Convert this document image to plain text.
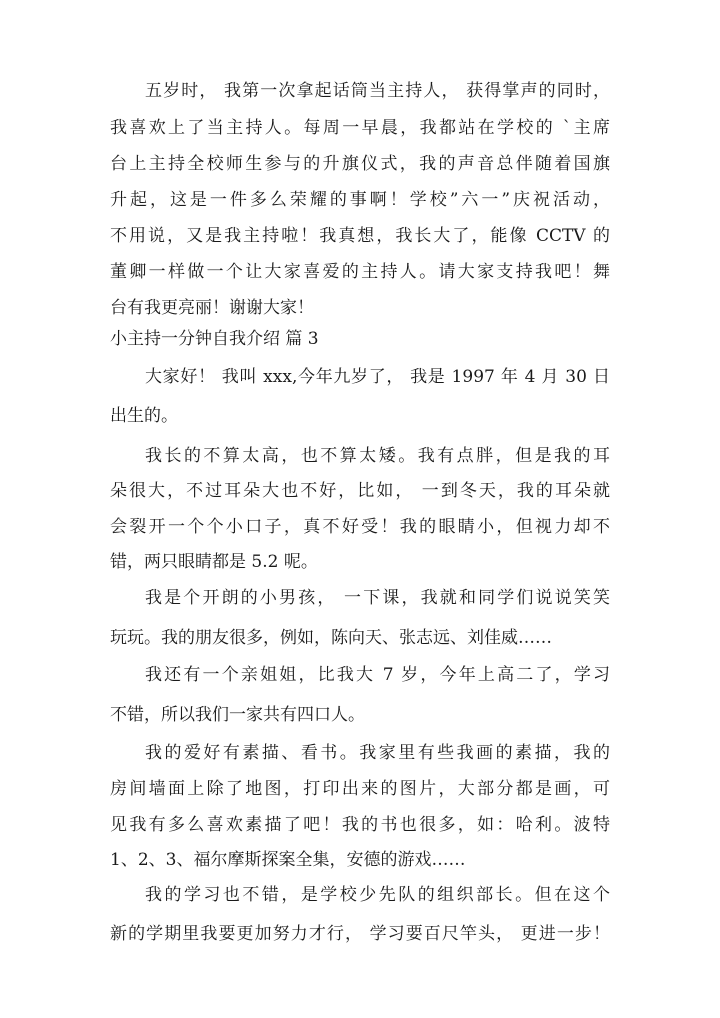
五岁时， 我第一次拿起话筒当主持人， 获得掌声的同时，
我喜欢上了当主持人。每周一早晨，我都站在学校的 `主席
台上主持全校师生参与的升旗仪式，我的声音总伴随着国旗
升起，这是一件多么荣耀的事啊！学校”六一”庆祝活动，
不用说，又是我主持啦！我真想，我长大了，能像 CCTV 的
董卿一样做一个让大家喜爱的主持人。请大家支持我吧！舞
台有我更亮丽！谢谢大家！
小主持一分钟自我介绍 篇 3
大家好！ 我叫 xxx,今年九岁了， 我是 1997 年 4 月 30 日
出生的。
我长的不算太高，也不算太矮。我有点胖，但是我的耳
朵很大，不过耳朵大也不好，比如， 一到冬天，我的耳朵就
会裂开一个个小口子，真不好受！我的眼睛小，但视力却不
错，两只眼睛都是 5.2 呢。
我是个开朗的小男孩， 一下课，我就和同学们说说笑笑
玩玩。我的朋友很多，例如，陈向天、张志远、刘佳威……
我还有一个亲姐姐，比我大 7 岁，今年上高二了，学习
不错，所以我们一家共有四口人。
我的爱好有素描、看书。我家里有些我画的素描，我的
房间墙面上除了地图，打印出来的图片，大部分都是画，可
见我有多么喜欢素描了吧！我的书也很多，如：哈利。波特
1、2、3、福尔摩斯探案全集，安德的游戏……
我的学习也不错，是学校少先队的组织部长。但在这个
新的学期里我要更加努力才行， 学习要百尺竿头， 更进一步！
